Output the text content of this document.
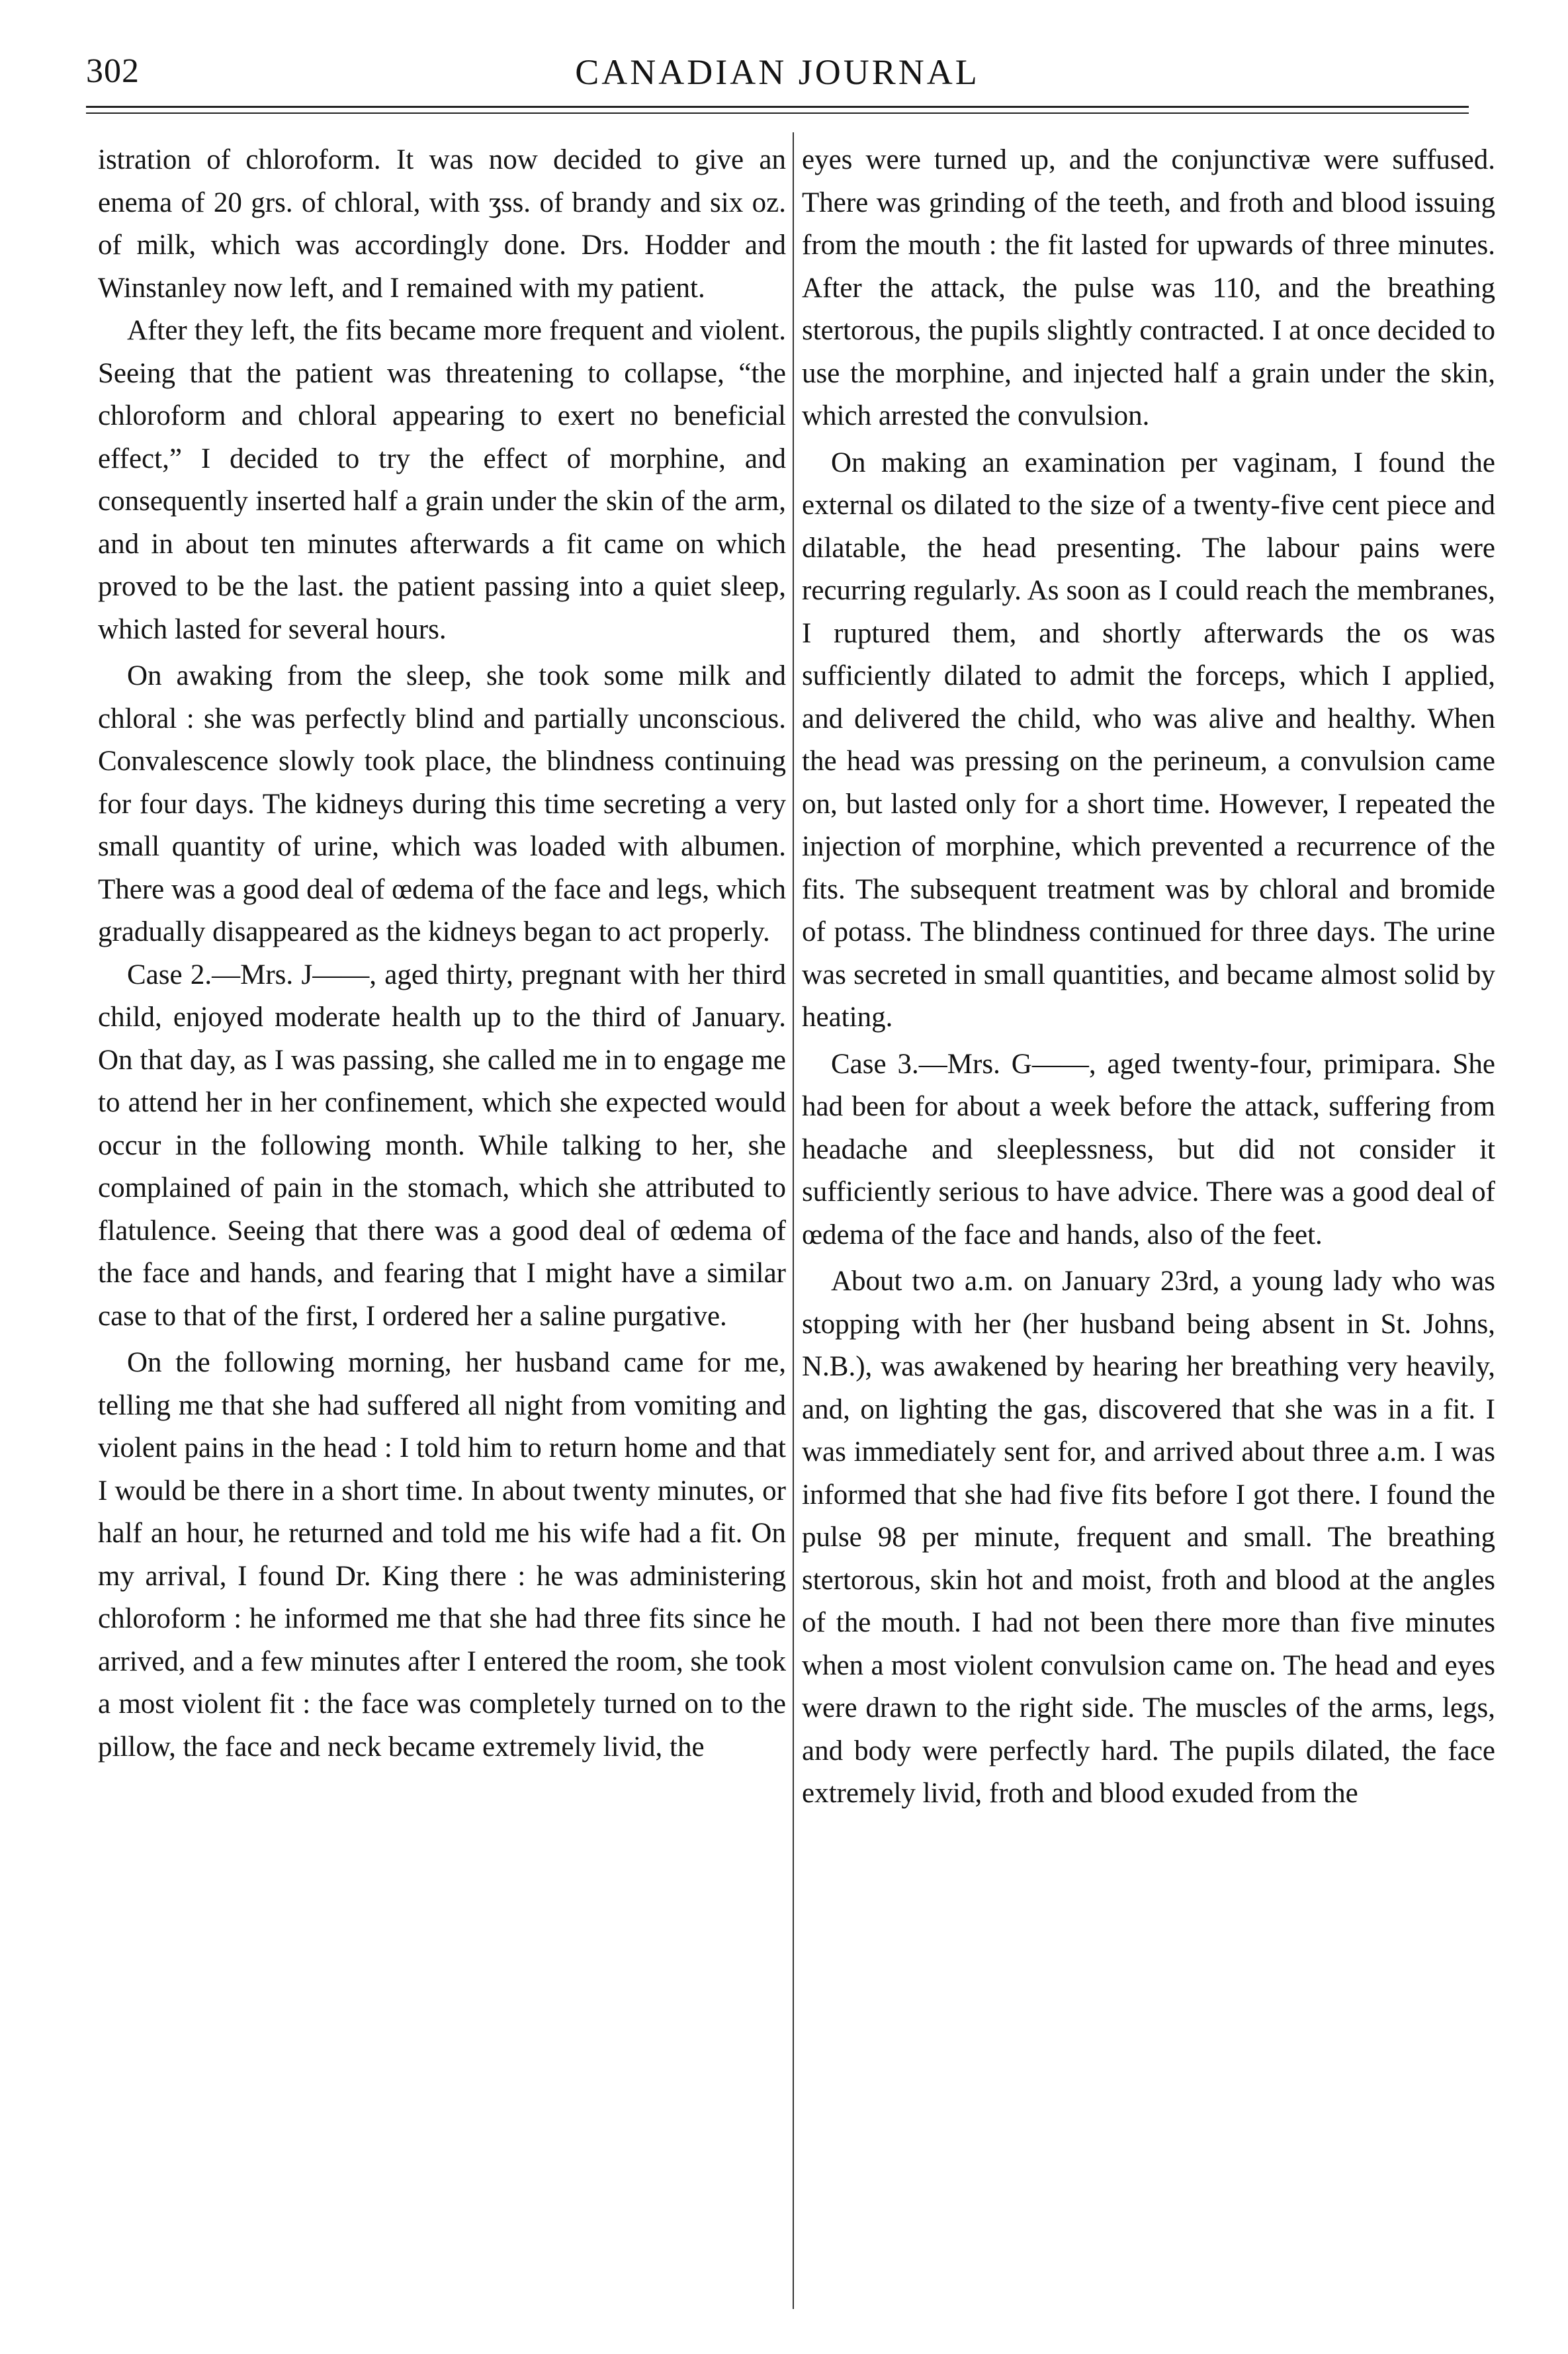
302	CANADIAN JOURNAL

istration of chloroform. It was now decided to give an enema of 20 grs. of chloral, with ʒss. of brandy and six oz. of milk, which was accordingly done. Drs. Hodder and Winstanley now left, and I remained with my patient.

After they left, the fits became more frequent and violent. Seeing that the patient was threatening to collapse, “the chloroform and chloral appearing to exert no beneficial effect,” I decided to try the effect of morphine, and consequently inserted half a grain under the skin of the arm, and in about ten minutes afterwards a fit came on which proved to be the last. the patient passing into a quiet sleep, which lasted for several hours.

On awaking from the sleep, she took some milk and chloral : she was perfectly blind and partially unconscious. Convalescence slowly took place, the blindness continuing for four days. The kidneys during this time secreting a very small quantity of urine, which was loaded with albumen. There was a good deal of œdema of the face and legs, which gradually disappeared as the kidneys began to act properly.

Case 2.—Mrs. J——, aged thirty, pregnant with her third child, enjoyed moderate health up to the third of January. On that day, as I was passing, she called me in to engage me to attend her in her confinement, which she expected would occur in the following month. While talking to her, she complained of pain in the stomach, which she attributed to flatulence. Seeing that there was a good deal of œdema of the face and hands, and fearing that I might have a similar case to that of the first, I ordered her a saline purgative.

On the following morning, her husband came for me, telling me that she had suffered all night from vomiting and violent pains in the head : I told him to return home and that I would be there in a short time. In about twenty minutes, or half an hour, he returned and told me his wife had a fit. On my arrival, I found Dr. King there : he was administering chloroform : he informed me that she had three fits since he arrived, and a few minutes after I entered the room, she took a most violent fit : the face was completely turned on to the pillow, the face and neck became extremely livid, the

eyes were turned up, and the conjunctivæ were suffused. There was grinding of the teeth, and froth and blood issuing from the mouth : the fit lasted for upwards of three minutes. After the attack, the pulse was 110, and the breathing stertorous, the pupils slightly contracted. I at once decided to use the morphine, and injected half a grain under the skin, which arrested the convulsion.

On making an examination per vaginam, I found the external os dilated to the size of a twenty-five cent piece and dilatable, the head presenting. The labour pains were recurring regularly. As soon as I could reach the membranes, I ruptured them, and shortly afterwards the os was sufficiently dilated to admit the forceps, which I applied, and delivered the child, who was alive and healthy. When the head was pressing on the perineum, a convulsion came on, but lasted only for a short time. However, I repeated the injection of morphine, which prevented a recurrence of the fits. The subsequent treatment was by chloral and bromide of potass. The blindness continued for three days. The urine was secreted in small quantities, and became almost solid by heating.

Case 3.—Mrs. G——, aged twenty-four, primipara. She had been for about a week before the attack, suffering from headache and sleeplessness, but did not consider it sufficiently serious to have advice. There was a good deal of œdema of the face and hands, also of the feet.

About two a.m. on January 23rd, a young lady who was stopping with her (her husband being absent in St. Johns, N.B.), was awakened by hearing her breathing very heavily, and, on lighting the gas, discovered that she was in a fit. I was immediately sent for, and arrived about three a.m. I was informed that she had five fits before I got there. I found the pulse 98 per minute, frequent and small. The breathing stertorous, skin hot and moist, froth and blood at the angles of the mouth. I had not been there more than five minutes when a most violent convulsion came on. The head and eyes were drawn to the right side. The muscles of the arms, legs, and body were perfectly hard. The pupils dilated, the face extremely livid, froth and blood exuded from the
